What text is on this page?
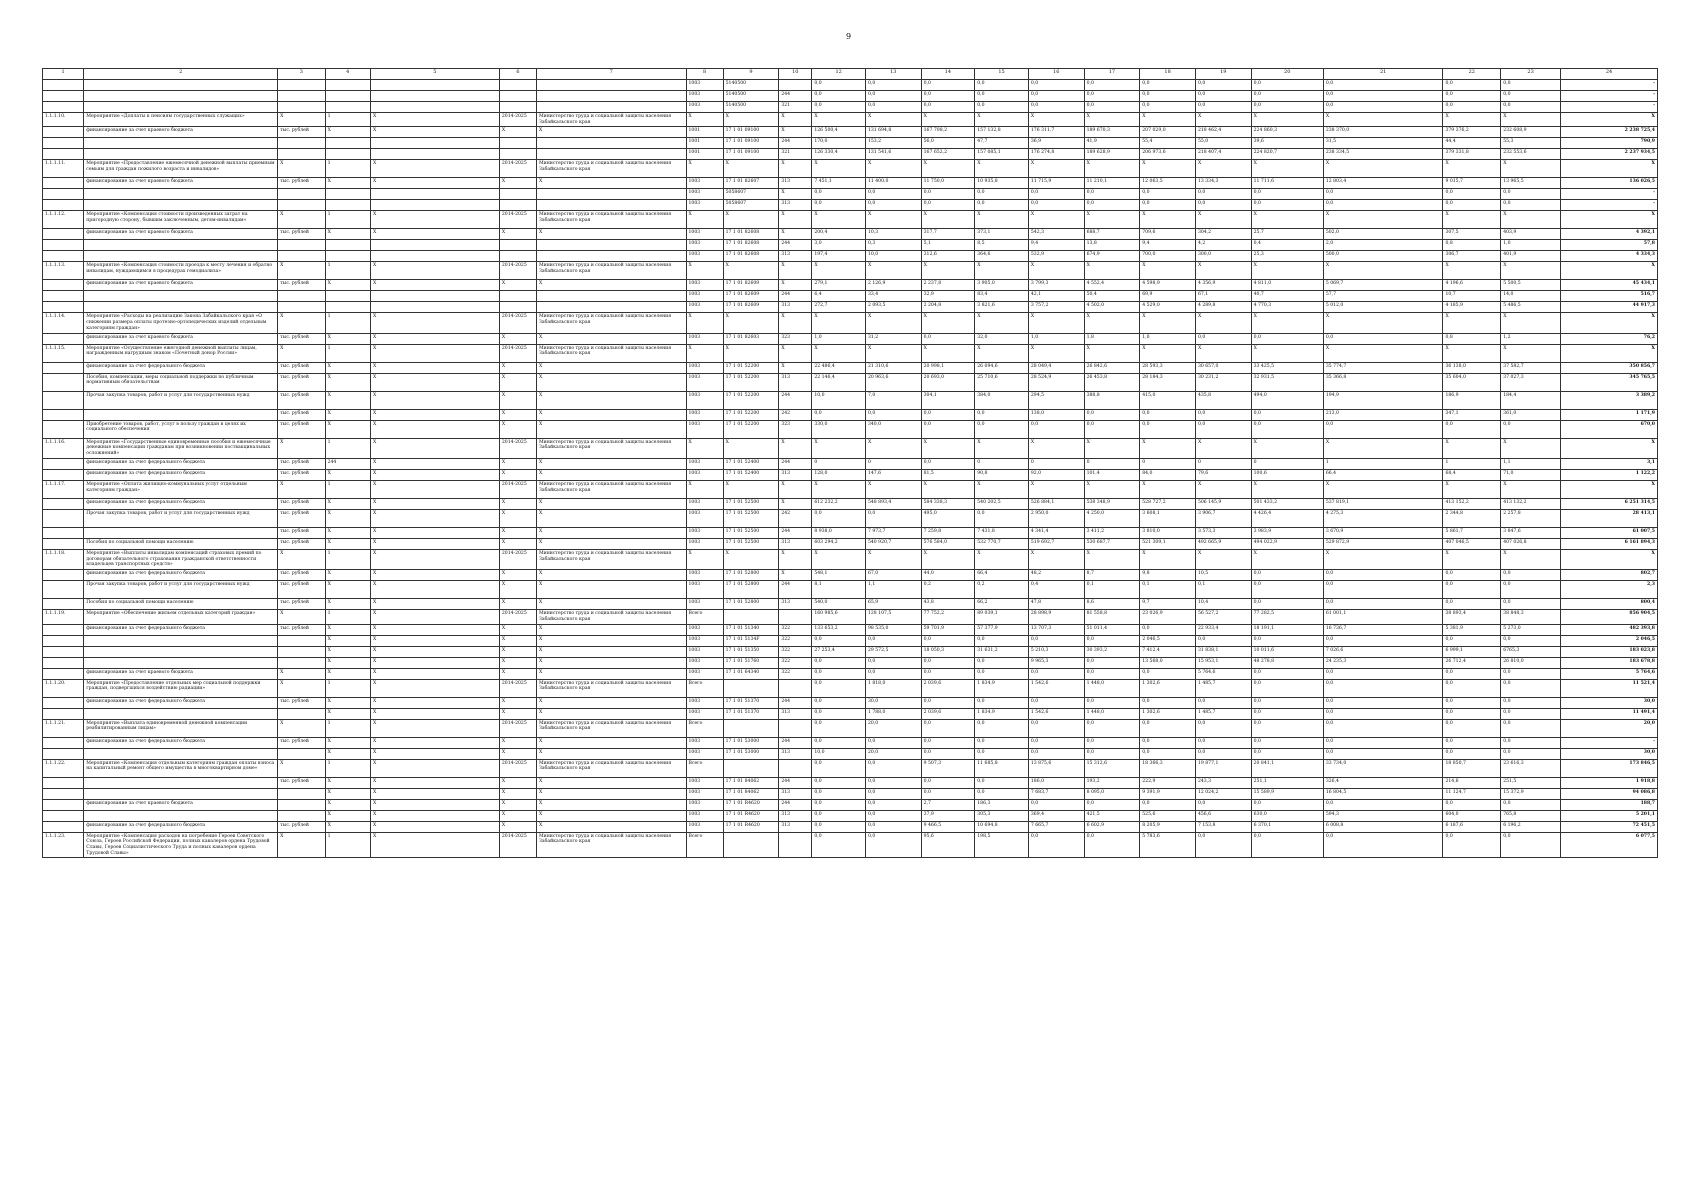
9
1	2	3	4	5	6	7	8	9	10	12	13	14	15	16	17	18	19	20	21	22	23	24
							1003	5140500		0,0	0,0	0,0	0,0	0,0	0,0	0,0	0,0	0,0	0,0	0,0	0,0	-
							1003	5140500	244	0,0	0,0	0,0	0,0	0,0	0,0	0,0	0,0	0,0	0,0	0,0	0,0	-
							1003	5140500	321	0,0	0,0	0,0	0,0	0,0	0,0	0,0	0,0	0,0	0,0	0,0	0,0	-
1.1.1.10.	Мероприятие «Доплаты к пенсиям государственных служащих»	Х	1	Х	2014-2025	Министерство труда и социальной защиты населения Забайкальского края	Х	Х	Х	Х	Х	Х	Х	Х	Х	Х	Х	Х	Х	Х	Х	Х
	финансирование за счет краевого бюджета	тыс. рублей	Х	Х	Х	Х	1001	17 1 01 09100	Х	126 500,4	131 694,8	167 708,2	157 132,8	176 311,7	189 670,3	207 029,0	218 462,4	224 860,3	238 370,0	379 376,2	232 608,9	2 238 725,4
							1001	17 1 01 09100	244	170,0	153,2	56,0	47,7	36,9	41,9	55,4	55,0	39,6	31,5	44,4	55,3	790,9
							1001	17 1 01 09100	321	126 330,4	131 541,6	167 652,2	157 085,1	176 274,8	189 628,9	206 973,6	218 407,4	224 820,7	238 334,5	379 331,8	232 553,6	2 237 934,5
1.1.1.11.	Мероприятие «Предоставление ежемесячной денежной выплаты приемным семьям для граждан пожилого возраста и инвалидов»	Х	1	Х	2014-2025	Министерство труда и социальной защиты населения Забайкальского края	Х	Х	Х	Х	Х	Х	Х	Х	Х	Х	Х	Х	Х	Х	Х	Х
	финансирование за счет краевого бюджета	тыс. рублей	Х	Х	Х	Х	1003	17 1 01 82607	313	7 451,1	11 400,0	11 750,0	10 935,8	11 715,9	11 210,1	12 063,5	13 334,3	11 711,6	12 803,4	9 015,7	13 965,5	136 026,5
							1003	5058607	Х	0,0	0,0	0,0	0,0	0,0	0,0	0,0	0,0	0,0	0,0	0,0	0,0	-
							1003	5058607	313	0,0	0,0	0,0	0,0	0,0	0,0	0,0	0,0	0,0	0,0	0,0	0,0	-
1.1.1.12.	Мероприятие «Компенсация стоимости произведенных затрат на пригородную сторону, бывшим заключенным, детям-инвалидам»	Х	1	Х	2014-2025	Министерство труда и социальной защиты населения Забайкальского края	Х	Х	Х	Х	Х	Х	Х	Х	Х	Х	Х	Х	Х	Х	Х	Х
	финансирование за счет краевого бюджета	тыс. рублей	Х	Х	Х	Х	1003	17 1 01 82608	Х	200,4	10,3	317,7	373,1	542,3	688,7	709,6	304,2	25,7	502,0	307,5	403,9	4 392,1
							1003	17 1 01 82608	244	3,0	0,3	5,1	8,5	9,4	13,8	9,4	4,2	0,4	2,0	0,8	1,0	57,8
							1003	17 1 01 82608	313	197,4	10,0	312,6	364,6	532,9	674,9	700,0	300,0	25,3	500,0	306,7	401,9	4 334,3
1.1.1.13.	Мероприятие «Компенсация стоимости проезда к месту лечения и обратно инвалидам, нуждающимся в процедурах гемодиализа»	Х	1	Х	2014-2025	Министерство труда и социальной защиты населения Забайкальского края	Х	Х	Х	Х	Х	Х	Х	Х	Х	Х	Х	Х	Х	Х	Х	Х
	финансирование за счет краевого бюджета	тыс. рублей	Х	Х	Х	Х	1003	17 1 01 82609	Х	279,1	2 126,9	2 237,8	3 905,0	3 799,3	4 552,4	4 598,9	4 356,9	4 811,0	5 069,7	4 196,6	5 500,5	45 434,1
							1003	17 1 01 82609	244	6,4	33,4	32,9	83,4	42,1	50,4	69,9	67,1	40,7	57,7	10,7	14,0	516,7
							1003	17 1 01 82609	313	272,7	2 093,5	2 204,8	3 821,6	3 757,2	4 502,0	4 529,0	4 289,8	4 770,3	5 012,0	4 185,9	5 486,5	44 917,3
1.1.1.14.	Мероприятие «Расходы на реализацию Закона Забайкальского края «О снижении размера оплаты протезно-ортопедических изделий отдельным категориям граждан»	Х	1	Х	2014-2025	Министерство труда и социальной защиты населения Забайкальского края	Х	Х	Х	Х	Х	Х	Х	Х	Х	Х	Х	Х	Х	Х	Х	Х
	финансирование за счет краевого бюджета	тыс. рублей	Х	Х	Х	Х	1003	17 1 01 82603	323	1,0	31,2	0,0	32,0	1,0	1,8	1,0	0,0	0,0	0,0	0,8	1,2	76,2
1.1.1.15.	Мероприятие «Осуществление ежегодной денежной выплаты лицам, награжденным нагрудным знаком «Почетный донор России»	Х	1	Х	2014-2025	Министерство труда и социальной защиты населения Забайкальского края	Х	Х	Х	Х	Х	Х	Х	Х	Х	Х	Х	Х	Х	Х	Х	Х
	финансирование за счет федерального бюджета	тыс. рублей	Х	Х	Х	Х	1003	17 1 01 52200	Х	22 486,4	21 310,6	20 998,1	26 094,6	28 049,4	26 842,6	28 593,3	30 657,0	33 425,5	35 774,7	36 138,0	37 582,7	350 856,7
	Пособия, компенсации, меры социальной поддержки по публичным нормативным обязательствам	тыс. рублей	Х	Х	Х	Х	1003	17 1 01 52200	313	22 146,4	20 963,6	20 693,0	25 710,6	28 524,9	26 453,8	28 184,3	30 231,2	32 931,5	35 366,8	35 604,0	37 027,3	345 765,5
	Прочая закупка товаров, работ и услуг для государственных нужд	тыс. рублей	Х	Х	Х	Х	1003	17 1 01 52200	244	10,0	7,0	304,1	384,0	294,5	388,8	415,0	435,8	494,0	194,9	186,9	184,4	3 389,2
		тыс. рублей	Х	Х	Х	Х	1003	17 1 01 52200	242	0,0	0,0	0,0	0,0	138,0	0,0	0,0	0,0	0,0	213,0	347,1	361,0	1 171,9
	Приобретение товаров, работ, услуг в пользу граждан в целях их социального обеспечения	тыс. рублей	Х	Х	Х	Х	1003	17 1 01 52200	323	330,0	340,0	0,0	0,0	0,0	0,0	0,0	0,0	0,0	0,0	0,0	0,0	670,0
1.1.1.16.	Мероприятие «Государственные единовременные пособия и ежемесячные денежные компенсации гражданам при возникновении поствакцинальных осложнений»	Х	1	Х	2014-2025	Министерство труда и социальной защиты населения Забайкальского края	Х	Х	Х	Х	Х	Х	Х	Х	Х	Х	Х	Х	Х	Х	Х	Х
	финансирование за счет федерального бюджета	тыс. рублей	244	Х	Х	Х	1003	17 1 01 52400	244	0	0	0,0	0	0	0	0	0	0	1	1	1,1	3,1
	финансирование за счет федерального бюджета	тыс. рублей	Х	Х	Х	Х	1003	17 1 01 52400	313	128,0	147,6	81,5	90,8	92,0	101,4	84,0	79,6	100,6	66,4	68,4	71,0	1 122,2
1.1.1.17.	Мероприятие «Оплата жилищно-коммунальных услуг отдельным категориям граждан»	Х	1	Х	2014-2025	Министерство труда и социальной защиты населения Забайкальского края	Х	Х	Х	Х	Х	Х	Х	Х	Х	Х	Х	Х	Х	Х	Х	Х
	финансирование за счет федерального бюджета	тыс. рублей	Х	Х	Х	Х	1003	17 1 01 52500	Х	612 232,2	548 893,4	584 338,3	540 202,5	526 884,1	538 348,9	528 727,2	506 145,9	501 433,2	537 819,1	413 152,2	413 132,2	6 251 314,5
	Прочая закупка товаров, работ и услуг для государственных нужд	тыс. рублей	Х	Х	Х	Х	1003	17 1 01 52500	242	0,0	0,0	495,0	0,0	2 950,0	4 250,0	3 608,1	3 906,7	4 426,4	4 275,3	2 344,8	2 257,8	28 413,1
		тыс. рублей	Х	Х	Х	Х	1003	17 1 01 52500	244	8 938,0	7 973,7	7 259,8	7 431,8	4 341,4	3 411,2	3 810,0	3 573,3	3 983,9	3 670,9	5 861,7	3 847,6	61 007,5
	Пособия по социальной помощи населению	тыс. рублей	Х	Х	Х	Х	1003	17 1 01 52500	313	603 294,2	540 920,7	576 584,0	532 770,7	519 692,7	530 687,7	521 309,1	492 665,9	494 022,9	529 872,9	407 046,5	407 026,8	6 161 894,3
1.1.1.18.	Мероприятие «Выплаты инвалидам компенсаций страховых премий по договорам обязательного страхования гражданской ответственности владельцев транспортных средств»	Х	1	Х	2014-2025	Министерство труда и социальной защиты населения Забайкальского края	Х	Х	Х	Х	Х	Х	Х	Х	Х	Х	Х	Х	Х	Х	Х	Х
	финансирование за счет федерального бюджета	тыс. рублей	Х	Х	Х	Х	1003	17 1 01 52800	Х	548,1	67,0	44,0	66,4	48,2	8,7	9,8	10,5	0,0	0,0	0,0	0,0	802,7
	Прочая закупка товаров, работ и услуг для государственных нужд	тыс. рублей	Х	Х	Х	Х	1003	17 1 01 52800	244	8,1	1,1	0,2	0,2	0,4	0,1	0,1	0,1	0,0	0,0	0,0	0,0	2,3
	Пособия по социальной помощи населению	тыс. рублей	Х	Х	Х	Х	1003	17 1 01 52800	313	540,0	65,9	43,8	66,2	47,8	8,6	9,7	10,4	0,0	0,0	0,0	0,0	800,4
1.1.1.19.	Мероприятие «Обеспечение жильем отдельных категорий граждан»	Х	1	Х	2014-2025	Министерство труда и социальной защиты населения Забайкальского края	Всего			160 985,6	128 107,5	77 752,2	89 039,1	28 898,9	81 558,8	23 026,9	56 527,2	77 282,5	61 001,1	38 893,4	38 848,3	856 904,5
	финансирование за счет федерального бюджета	тыс. рублей	Х	Х	Х	Х	1003	17 1 01 51340	322	133 653,2	98 535,0	59 701,9	57 377,9	13 707,3	51 011,4	0,0	22 933,4	18 191,1	16 736,7	5 381,9	5 273,0	482 393,8
			Х	Х	Х	Х	1003	17 1 01 5134F	322	0,0	0,0	0,0	0,0	0,0	0,0	2 046,5	0,0	0,0	0,0	0,0	0,0	2 046,5
			Х	Х	Х	Х	1003	17 1 01 51350	322	27 253,4	29 572,5	18 050,3	31 631,2	5 210,3	30 393,2	7 412,4	31 838,1	10 011,6	7 026,6	6 999,1	6765,3	183 023,8
			Х	Х	Х	Х	1003	17 1 01 51760	322	0,0	0,0	0,0	0,0	9 965,3	0,0	13 568,0	15 953,1	48 278,8	24 235,3	26 712,4	26 810,0	183 678,8
	финансирование за счет краевого бюджета	Х	Х	Х	Х	Х	1003	17 1 01 64340	322	0,0	0,0	0,0	0,0	0,0	0,0	0,0	5 764,6	0,0	0,0	0,0	0,0	5 764,6
1.1.1.20.	Мероприятие «Предоставление отдельных мер социальной поддержки граждан, подвергшихся воздействию радиации»	Х	1	Х	2014-2025	Министерство труда и социальной защиты населения Забайкальского края	Всего			0,0	1 818,0	2 039,6	1 834,9	1 542,6	1 448,0	1 302,6	1 485,7	0,0	0,0	0,0	0,0	11 521,4
	финансирование за счет федерального бюджета	тыс. рублей	Х	Х	Х	Х	1003	17 1 01 51370	244	0,0	30,0	0,0	0,0	0,0	0,0	0,0	0,0	0,0	0,0	0,0	0,0	30,0
			Х	Х	Х	Х	1003	17 1 01 51370	313	0,0	1 788,0	2 039,6	1 834,9	1 542,6	1 448,0	1 302,6	1 485,7	0,0	0,0	0,0	0,0	11 491,4
1.1.1.21.	Мероприятие «Выплата единовременной денежной компенсации реабилитированным лицам»	Х	1	Х	2014-2025	Министерство труда и социальной защиты населения Забайкальского края	Всего			0,0	20,0	0,0	0,0	0,0	0,0	0,0	0,0	0,0	0,0	0,0	0,0	20,0
	финансирование за счет федерального бюджета	тыс. рублей	Х	Х	Х	Х	1003	17 1 01 53000	244	0,0	0,0	0,0	0,0	0,0	0,0	0,0	0,0	0,0	0,0	0,0	0,0	-
			Х	Х	Х	Х	1003	17 1 01 53000	313	10,0	20,0	0,0	0,0	0,0	0,0	0,0	0,0	0,0	0,0	0,0	0,0	30,0
1.1.1.22.	Мероприятие «Компенсация отдельным категориям граждан оплаты взноса на капитальный ремонт общего имущества в многоквартирном доме»	Х	1	Х	2014-2025	Министерство труда и социальной защиты населения Забайкальского края	Всего			0,0	0,0	9 507,3	11 685,8	13 875,6	15 312,6	18 366,3	19 877,1	20 841,1	33 734,0	18 850,7	23 616,3	173 846,5
		тыс. рублей	Х	Х	Х	Х	1003	17 1 01 84062	244	0,0	0,0	0,0	0,0	186,0	193,2	222,9	243,3	251,1	326,4	214,6	251,5	1 918,8
			Х	Х	Х	Х	1003	17 1 01 84062	313	0,0	0,0	0,0	0,0	7 683,7	8 095,0	9 391,9	12 024,2	15 589,9	16 804,5	11 124,7	15 372,9	94 086,8
	финансирование за счет краевого бюджета		Х	Х	Х	Х	1003	17 1 01 R4620	244	0,0	0,0	2,7	186,3	0,0	0,0	0,0	0,0	0,0	0,0	0,0	0,0	188,7
			Х	Х	Х	Х	1003	17 1 01 R4620	313	0,0	0,0	37,9	305,3	369,4	421,5	525,6	456,6	630,0	594,3	604,0	765,8	5 201,1
	финансирование за счет федерального бюджета	тыс. рублей	Х	Х	Х	Х	1003	17 1 01 R4620	313	0,0	0,0	9 466,5	10 694,8	7 665,7	6 602,9	8 205,9	7 153,8	6 370,1	6 008,8	6 187,6	6 196,2	72 451,5
1.1.1.23.	Мероприятие «Компенсация расходов на погребение Героев Советского Союза, Героев Российской Федерации, полных кавалеров ордена Трудовой Славы, Героев Социалистического Труда и полных кавалеров ордена Трудовой Славы»	Х	1	Х	2014-2025	Министерство труда и социальной защиты населения Забайкальского края	Всего			0,0	0,0	95,6	198,5	0,0	0,0	5 783,6	0,0	0,0	0,0	0,0	0,0	6 077,5
